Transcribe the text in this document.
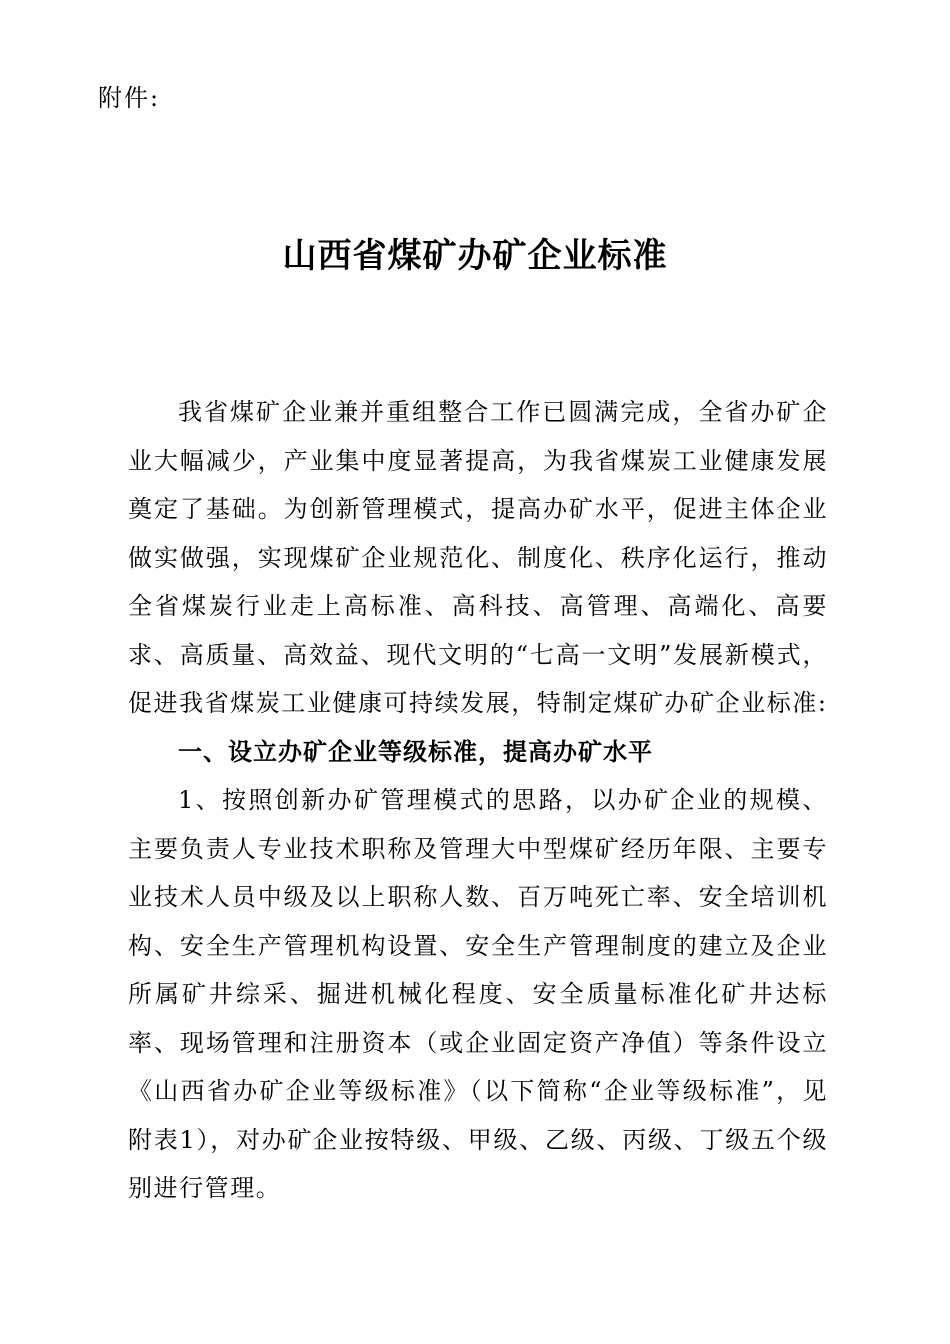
附件:
山西省煤矿办矿企业标准

我省煤矿企业兼并重组整合工作已圆满完成，全省办矿企业大幅减少，产业集中度显著提高，为我省煤炭工业健康发展奠定了基础。为创新管理模式，提高办矿水平，促进主体企业做实做强，实现煤矿企业规范化、制度化、秩序化运行，推动全省煤炭行业走上高标准、高科技、高管理、高端化、高要求、高质量、高效益、现代文明的“七高一文明”发展新模式，促进我省煤炭工业健康可持续发展，特制定煤矿办矿企业标准:

一、设立办矿企业等级标准，提高办矿水平

1、按照创新办矿管理模式的思路，以办矿企业的规模、主要负责人专业技术职称及管理大中型煤矿经历年限、主要专业技术人员中级及以上职称人数、百万吨死亡率、安全培训机构、安全生产管理机构设置、安全生产管理制度的建立及企业所属矿井综采、掘进机械化程度、安全质量标准化矿井达标率、现场管理和注册资本（或企业固定资产净值）等条件设立《山西省办矿企业等级标准》（以下简称“企业等级标准”，见附表1），对办矿企业按特级、甲级、乙级、丙级、丁级五个级别进行管理。
